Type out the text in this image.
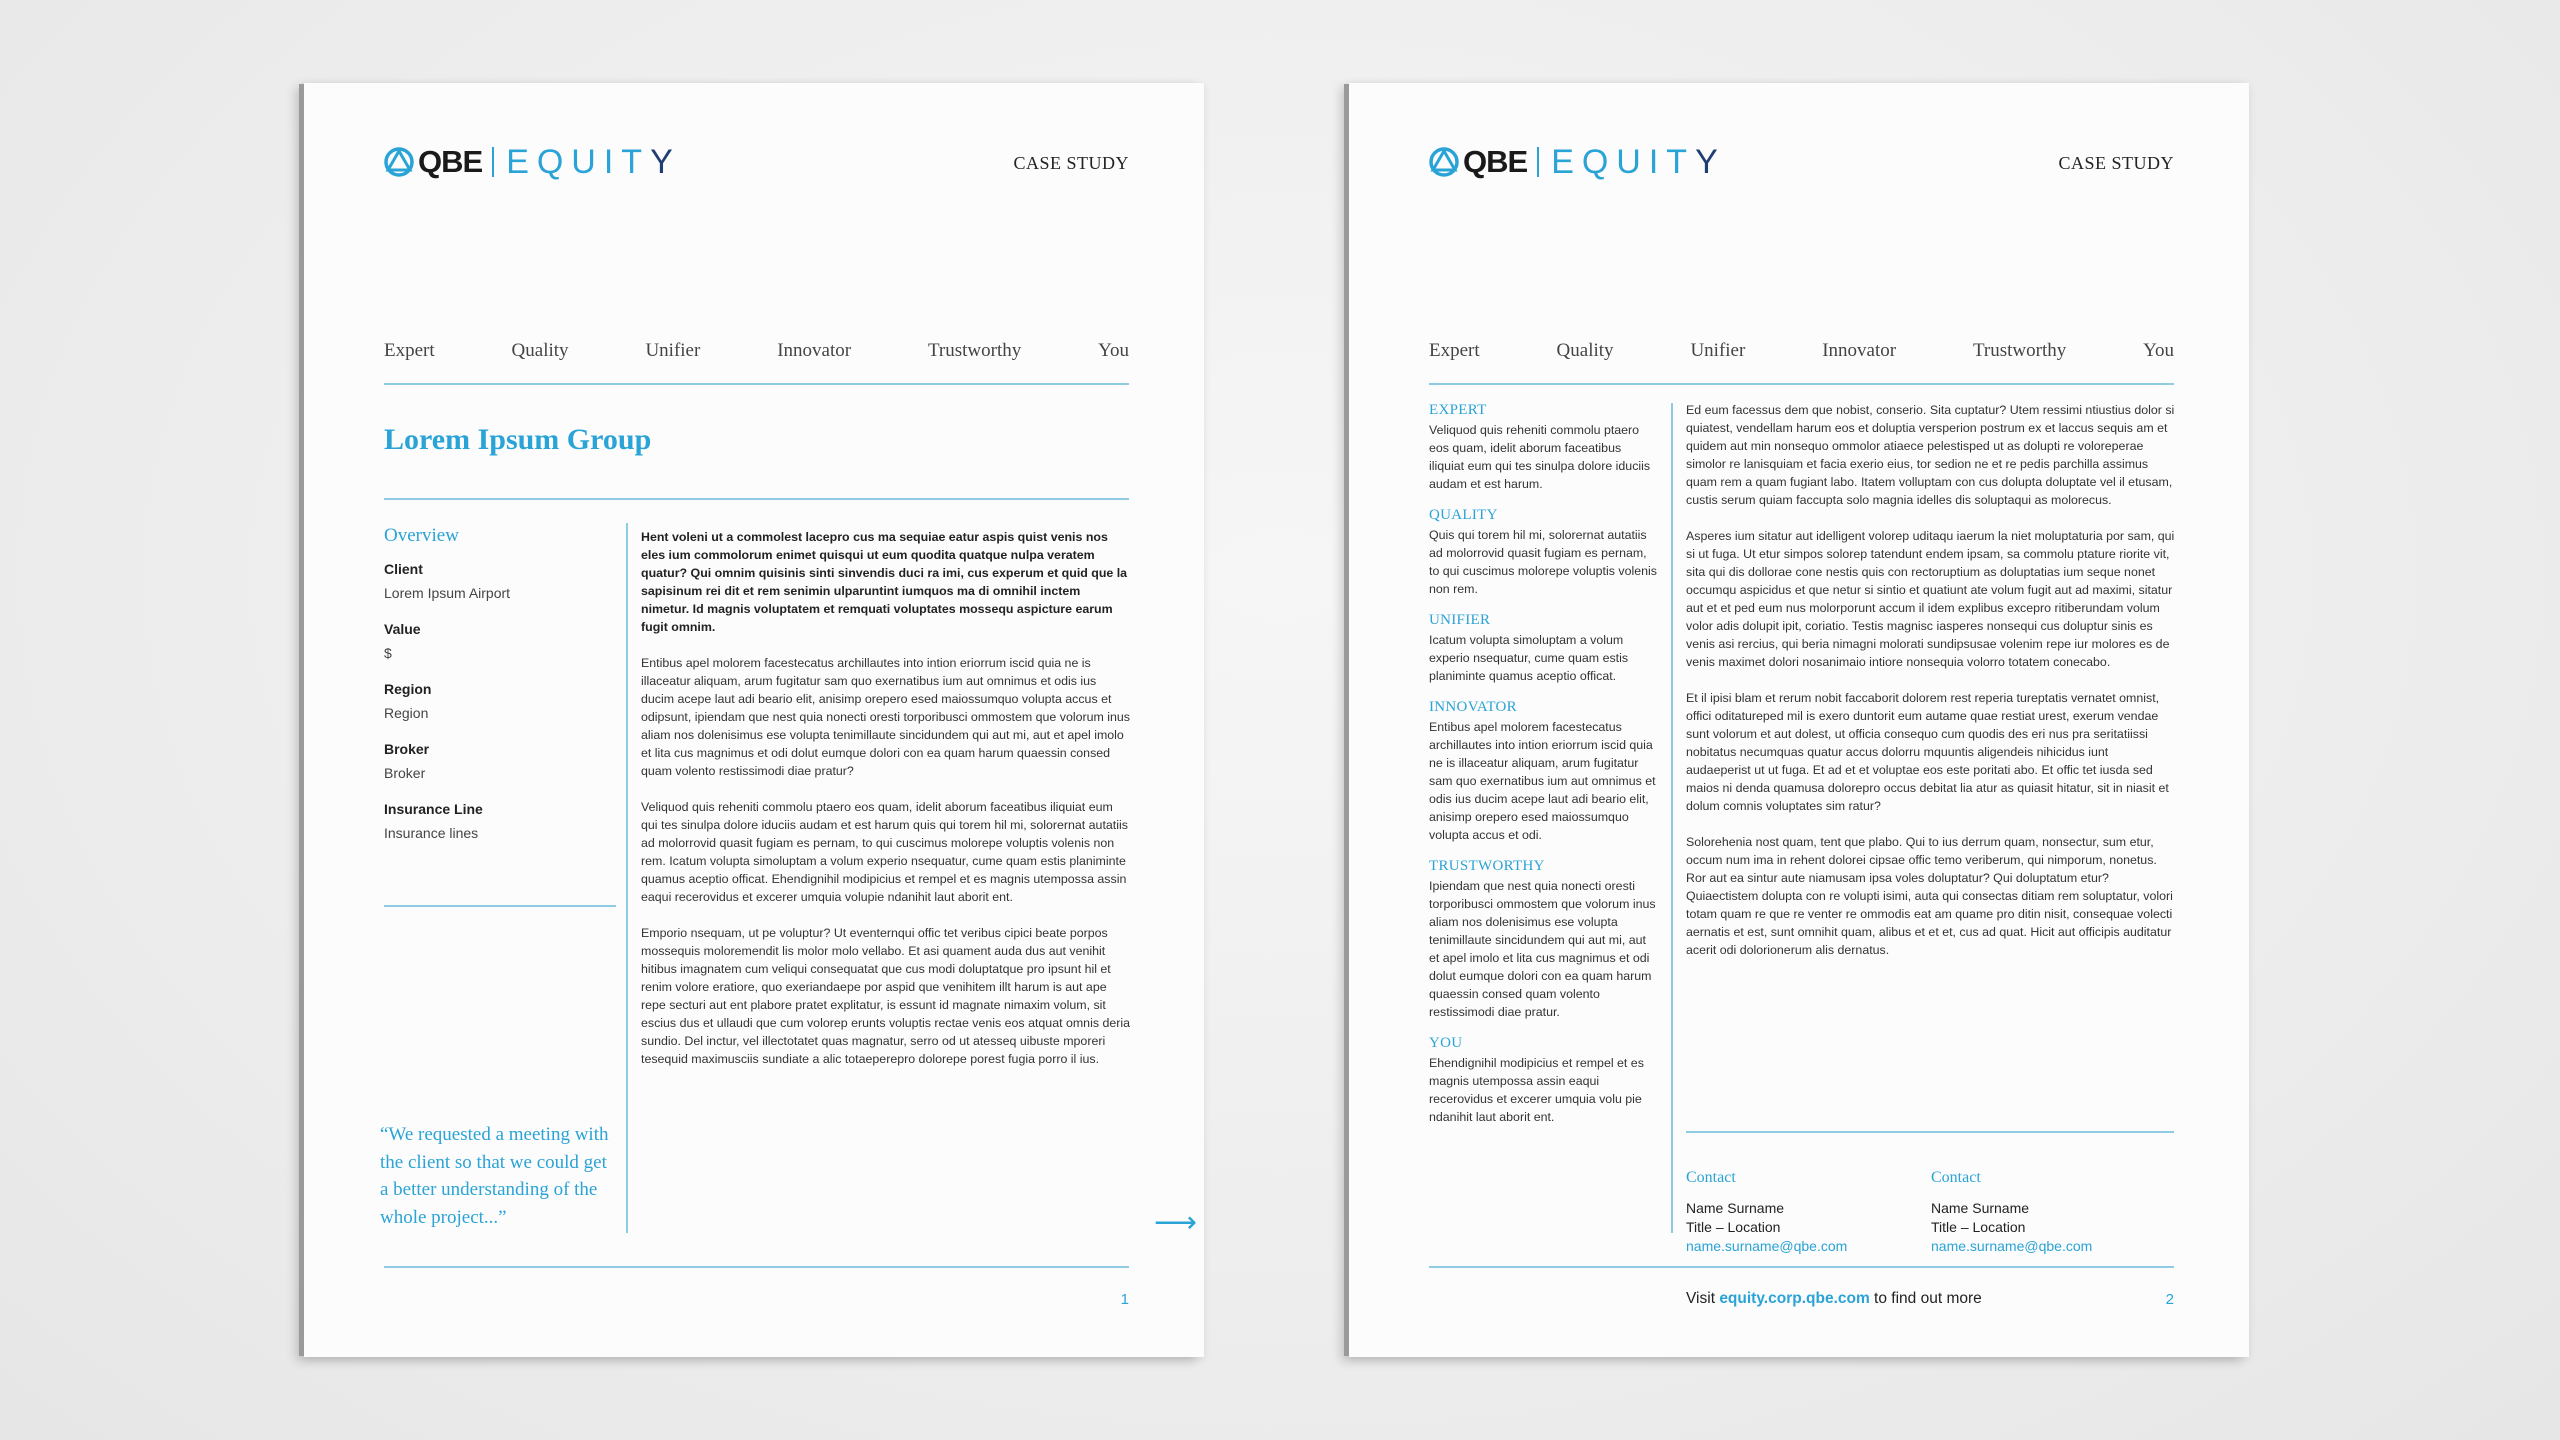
QBE EQUITY	CASE STUDY
Expert	Quality	Unifier	Innovator	Trustworthy	You
Lorem Ipsum Group
Overview
Client
Lorem Ipsum Airport
Value
$
Region
Region
Broker
Broker
Insurance Line
Insurance lines
“We requested a meeting with the client so that we could get a better understanding of the whole project...”

Hent voleni ut a commolest lacepro cus ma sequiae eatur aspis quist venis nos eles ium commolorum enimet quisqui ut eum quodita quatque nulpa veratem quatur? Qui omnim quisinis sinti sinvendis duci ra imi, cus experum et quid que la sapisinum rei dit et rem senimin ulparuntint iumquos ma di omnihil inctem nimetur. Id magnis voluptatem et remquati voluptates mossequ aspicture earum fugit omnim.

Entibus apel molorem facestecatus archillautes into intion eriorrum iscid quia ne is illaceatur aliquam, arum fugitatur sam quo exernatibus ium aut omnimus et odis ius ducim acepe laut adi beario elit, anisimp orepero esed maiossumquo volupta accus et odipsunt, ipiendam que nest quia nonecti oresti torporibusci ommostem que volorum inus aliam nos dolenisimus ese volupta tenimillaute sincidundem qui aut mi, aut et apel imolo et lita cus magnimus et odi dolut eumque dolori con ea quam harum quaessin consed quam volento restissimodi diae pratur?

Veliquod quis reheniti commolu ptaero eos quam, idelit aborum faceatibus iliquiat eum qui tes sinulpa dolore iduciis audam et est harum quis qui torem hil mi, solorernat autatiis ad molorrovid quasit fugiam es pernam, to qui cuscimus molorepe voluptis volenis non rem. Icatum volupta simoluptam a volum experio nsequatur, cume quam estis planiminte quamus aceptio officat. Ehendignihil modipicius et rempel et es magnis utempossa assin eaqui recerovidus et excerer umquia volupie ndanihit laut aborit ent.

Emporio nsequam, ut pe voluptur? Ut eventernqui offic tet veribus cipici beate porpos mossequis moloremendit lis molor molo vellabo. Et asi quament auda dus aut venihit hitibus imagnatem cum veliqui consequatat que cus modi doluptatque pro ipsunt hil et renim volore eratiore, quo exeriandaepe por aspid que venihitem illt harum is aut ape repe secturi aut ent plabore pratet explitatur, is essunt id magnate nimaxim volum, sit escius dus et ullaudi que cum volorep erunts voluptis rectae venis eos atquat omnis deria sundio. Del inctur, vel illectotatet quas magnatur, serro od ut atesseq uibuste mporeri tesequid maximusciis sundiate a alic totaeperepro dolorepe porest fugia porro il ius.

⟶
1
QBE EQUITY	CASE STUDY
Expert	Quality	Unifier	Innovator	Trustworthy	You
EXPERT
Veliquod quis reheniti commolu ptaero eos quam, idelit aborum faceatibus iliquiat eum qui tes sinulpa dolore iduciis audam et est harum.
QUALITY
Quis qui torem hil mi, solorernat autatiis ad molorrovid quasit fugiam es pernam, to qui cuscimus molorepe voluptis volenis non rem.
UNIFIER
Icatum volupta simoluptam a volum experio nsequatur, cume quam estis planiminte quamus aceptio officat.
INNOVATOR
Entibus apel molorem facestecatus archillautes into intion eriorrum iscid quia ne is illaceatur aliquam, arum fugitatur sam quo exernatibus ium aut omnimus et odis ius ducim acepe laut adi beario elit, anisimp orepero esed maiossumquo volupta accus et odi.
TRUSTWORTHY
Ipiendam que nest quia nonecti oresti torporibusci ommostem que volorum inus aliam nos dolenisimus ese volupta tenimillaute sincidundem qui aut mi, aut et apel imolo et lita cus magnimus et odi dolut eumque dolori con ea quam harum quaessin consed quam volento restissimodi diae pratur.
YOU
Ehendignihil modipicius et rempel et es magnis utempossa assin eaqui recerovidus et excerer umquia volu pie ndanihit laut aborit ent.

Ed eum facessus dem que nobist, conserio. Sita cuptatur? Utem ressimi ntiustius dolor si quiatest, vendellam harum eos et doluptia versperion postrum ex et laccus sequis am et quidem aut min nonsequo ommolor atiaece pelestisped ut as dolupti re voloreperae simolor re lanisquiam et facia exerio eius, tor sedion ne et re pedis parchilla assimus quam rem a quam fugiant labo. Itatem volluptam con cus dolupta doluptate vel il etusam, custis serum quiam faccupta solo magnia idelles dis soluptaqui as molorecus.

Asperes ium sitatur aut idelligent volorep uditaqu iaerum la niet moluptaturia por sam, qui si ut fuga. Ut etur simpos solorep tatendunt endem ipsam, sa commolu ptature riorite vit, sita qui dis dollorae cone nestis quis con rectoruptium as doluptatias ium seque nonet occumqu aspicidus et que netur si sintio et quatiunt ate volum fugit aut ad maximi, sitatur aut et et ped eum nus molorporunt accum il idem explibus excepro ritiberundam volum volor adis dolupit ipit, coriatio. Testis magnisc iasperes nonsequi cus doluptur sinis es venis asi rercius, qui beria nimagni molorati sundipsusae volenim repe iur molores es de venis maximet dolori nosanimaio intiore nonsequia volorro totatem conecabo.

Et il ipisi blam et rerum nobit faccaborit dolorem rest reperia tureptatis vernatet omnist, offici oditatureped mil is exero duntorit eum autame quae restiat urest, exerum vendae sunt volorum et aut dolest, ut officia consequo cum quodis des eri nus pra seritatiissi nobitatus necumquas quatur accus dolorru mquuntis aligendeis nihicidus iunt audaeperist ut ut fuga. Et ad et et voluptae eos este poritati abo. Et offic tet iusda sed maios ni denda quamusa dolorepro occus debitat lia atur as quiasit hitatur, sit in niasit et dolum comnis voluptates sim ratur?

Solorehenia nost quam, tent que plabo. Qui to ius derrum quam, nonsectur, sum etur, occum num ima in rehent dolorei cipsae offic temo veriberum, qui nimporum, nonetus. Ror aut ea sintur aute niamusam ipsa voles doluptatur? Qui doluptatum etur? Quiaectistem dolupta con re volupti isimi, auta qui consectas ditiam rem soluptatur, volori totam quam re que re venter re ommodis eat am quame pro ditin nisit, consequae volecti aernatis et est, sunt omnihit quam, alibus et et et, cus ad quat. Hicit aut officipis auditatur acerit odi dolorionerum alis dernatus.

Contact
Name Surname
Title – Location
name.surname@qbe.com
Contact
Name Surname
Title – Location
name.surname@qbe.com
Visit equity.corp.qbe.com to find out more	2
